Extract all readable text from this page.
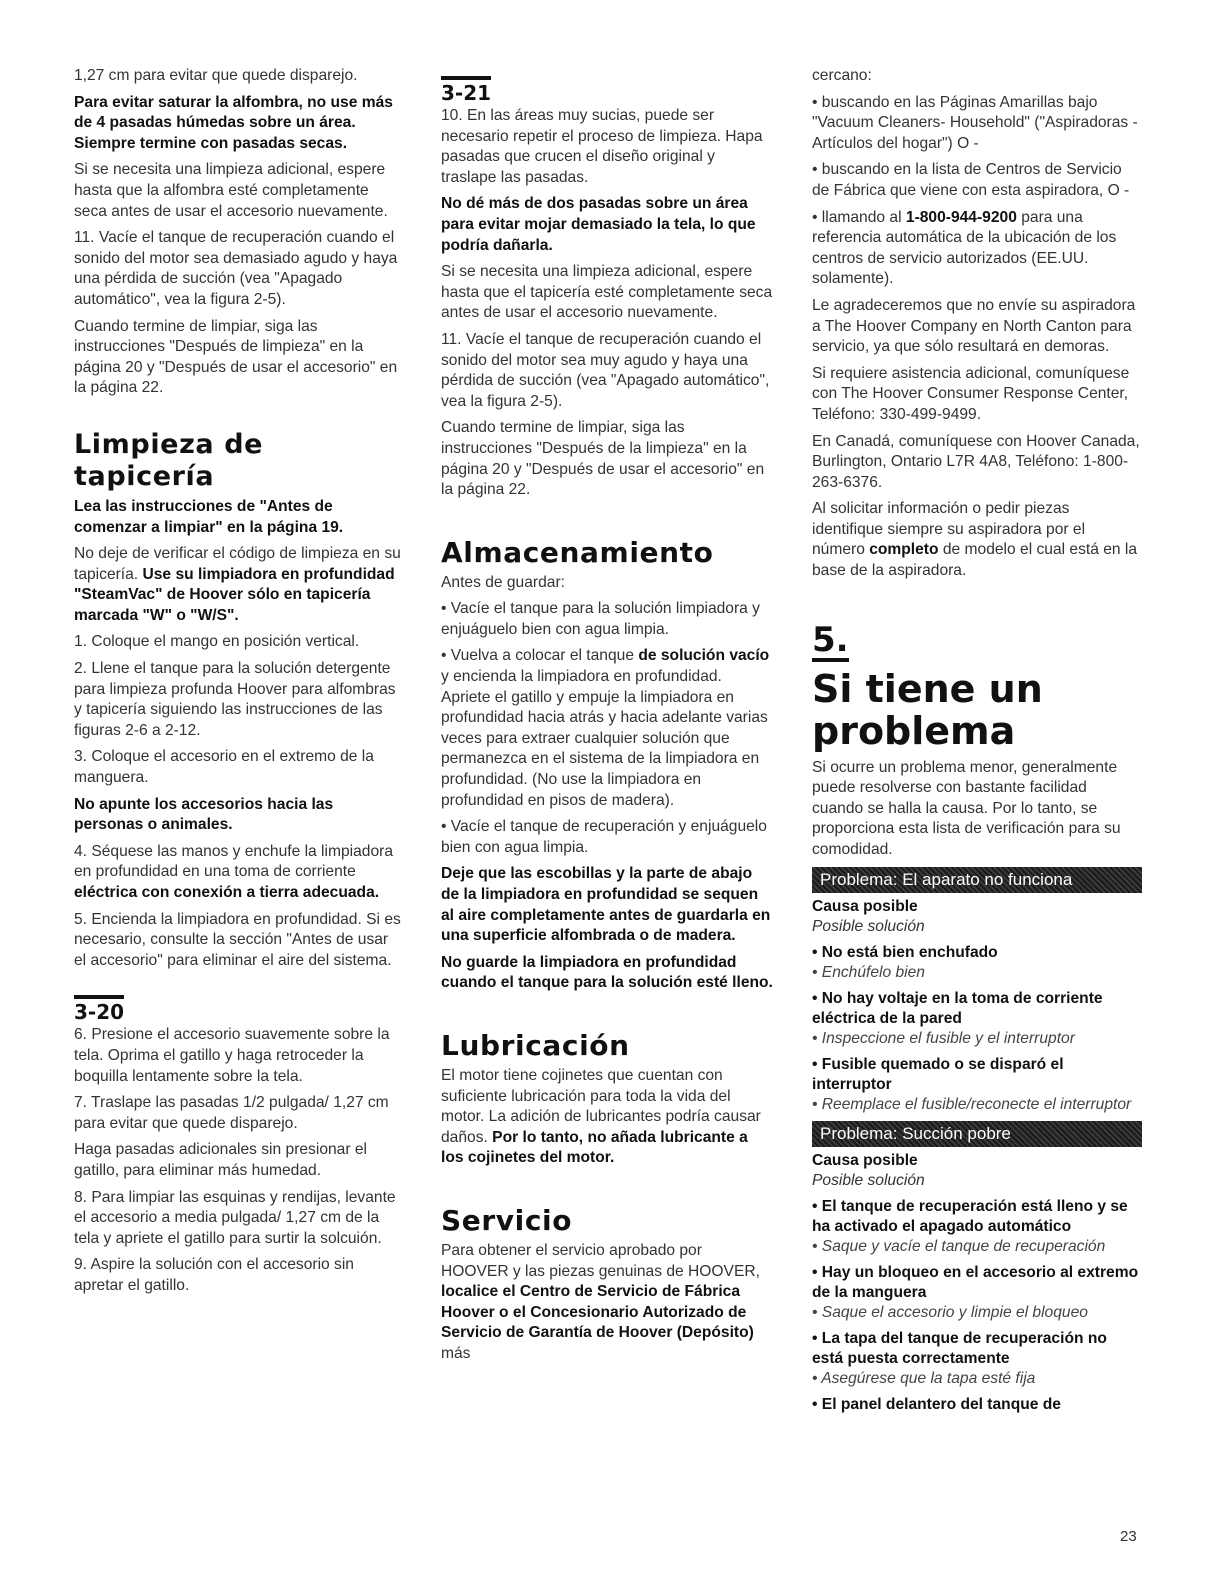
1,27 cm para evitar que quede disparejo.

Para evitar saturar la alfombra, no use más de 4 pasadas húmedas sobre un área. Siempre termine con pasadas secas.

Si se necesita una limpieza adicional, espere hasta que la alfombra esté completamente seca antes de usar el accesorio nuevamente.

11. Vacíe el tanque de recuperación cuando el sonido del motor sea demasiado agudo y haya una pérdida de succión (vea "Apagado automático", vea la figura 2-5).

Cuando termine de limpiar, siga las instrucciones "Después de limpieza" en la página 20 y "Después de usar el accesorio" en la página 22.

Limpieza de tapicería

Lea las instrucciones de "Antes de comenzar a limpiar" en la página 19.

No deje de verificar el código de limpieza en su tapicería. Use su limpiadora en profundidad "SteamVac" de Hoover sólo en tapicería marcada "W" o "W/S".

1. Coloque el mango en posición vertical.

2. Llene el tanque para la solución detergente para limpieza profunda Hoover para alfombras y tapicería siguiendo las instrucciones de las figuras 2-6 a 2-12.

3. Coloque el accesorio en el extremo de la manguera.

No apunte los accesorios hacia las personas o animales.

4. Séquese las manos y enchufe la limpiadora en profundidad en una toma de corriente eléctrica con conexión a tierra adecuada.

5. Encienda la limpiadora en profundidad. Si es necesario, consulte la sección "Antes de usar el accesorio" para eliminar el aire del sistema.

3-20

6. Presione el accesorio suavemente sobre la tela. Oprima el gatillo y haga retroceder la boquilla lentamente sobre la tela.

7. Traslape las pasadas 1/2 pulgada/ 1,27 cm para evitar que quede disparejo.

Haga pasadas adicionales sin presionar el gatillo, para eliminar más humedad.

8. Para limpiar las esquinas y rendijas, levante el accesorio a media pulgada/ 1,27 cm de la tela y apriete el gatillo para surtir la solcuión.

9. Aspire la solución con el accesorio sin apretar el gatillo.

3-21

10. En las áreas muy sucias, puede ser necesario repetir el proceso de limpieza. Hapa pasadas que crucen el diseño original y traslape las pasadas.

No dé más de dos pasadas sobre un área para evitar mojar demasiado la tela, lo que podría dañarla.

Si se necesita una limpieza adicional, espere hasta que el tapicería esté completamente seca antes de usar el accesorio nuevamente.

11. Vacíe el tanque de recuperación cuando el sonido del motor sea muy agudo y haya una pérdida de succión (vea "Apagado automático", vea la figura 2-5).

Cuando termine de limpiar, siga las instrucciones "Después de la limpieza" en la página 20 y "Después de usar el accesorio" en la página 22.

Almacenamiento

Antes de guardar:

• Vacíe el tanque para la solución limpiadora y enjuáguelo bien con agua limpia.

• Vuelva a colocar el tanque de solución vacío y encienda la limpiadora en profundidad. Apriete el gatillo y empuje la limpiadora en profundidad hacia atrás y hacia adelante varias veces para extraer cualquier solución que permanezca en el sistema de la limpiadora en profundidad. (No use la limpiadora en profundidad en pisos de madera).

• Vacíe el tanque de recuperación y enjuáguelo bien con agua limpia.

Deje que las escobillas y la parte de abajo de la limpiadora en profundidad se sequen al aire completamente antes de guardarla en una superficie alfombrada o de madera.

No guarde la limpiadora en profundidad cuando el tanque para la solución esté lleno.

Lubricación

El motor tiene cojinetes que cuentan con suficiente lubricación para toda la vida del motor. La adición de lubricantes podría causar daños. Por lo tanto, no añada lubricante a los cojinetes del motor.

Servicio

Para obtener el servicio aprobado por HOOVER y las piezas genuinas de HOOVER, localice el Centro de Servicio de Fábrica Hoover o el Concesionario Autorizado de Servicio de Garantía de Hoover (Depósito) más

cercano:

• buscando en las Páginas Amarillas bajo "Vacuum Cleaners- Household" ("Aspiradoras - Artículos del hogar") O -

• buscando en la lista de Centros de Servicio de Fábrica que viene con esta aspiradora, O -

• llamando al 1-800-944-9200 para una referencia automática de la ubicación de los centros de servicio autorizados (EE.UU. solamente).

Le agradeceremos que no envíe su aspiradora a The Hoover Company en North Canton para servicio, ya que sólo resultará en demoras.

Si requiere asistencia adicional, comuníquese con The Hoover Consumer Response Center, Teléfono: 330-499-9499.

En Canadá, comuníquese con Hoover Canada, Burlington, Ontario L7R 4A8, Teléfono: 1-800- 263-6376.

Al solicitar información o pedir piezas identifique siempre su aspiradora por el número completo de modelo el cual está en la base de la aspiradora.

5.
Si tiene un problema

Si ocurre un problema menor, generalmente puede resolverse con bastante facilidad cuando se halla la causa. Por lo tanto, se proporciona esta lista de verificación para su comodidad.

Problema: El aparato no funciona

Causa posible

Posible solución

• No está bien enchufado

• Enchúfelo bien

• No hay voltaje en la toma de corriente eléctrica de la pared

• Inspeccione el fusible y el interruptor

• Fusible quemado o se disparó el interruptor

• Reemplace el fusible/reconecte el interruptor

Problema: Succión pobre

Causa posible

Posible solución

• El tanque de recuperación está lleno y se ha activado el apagado automático

• Saque y vacíe el tanque de recuperación

• Hay un bloqueo en el accesorio al extremo de la manguera

• Saque el accesorio y limpie el bloqueo

• La tapa del tanque de recuperación no está puesta correctamente

• Asegúrese que la tapa esté fija

• El panel delantero del tanque de

23
